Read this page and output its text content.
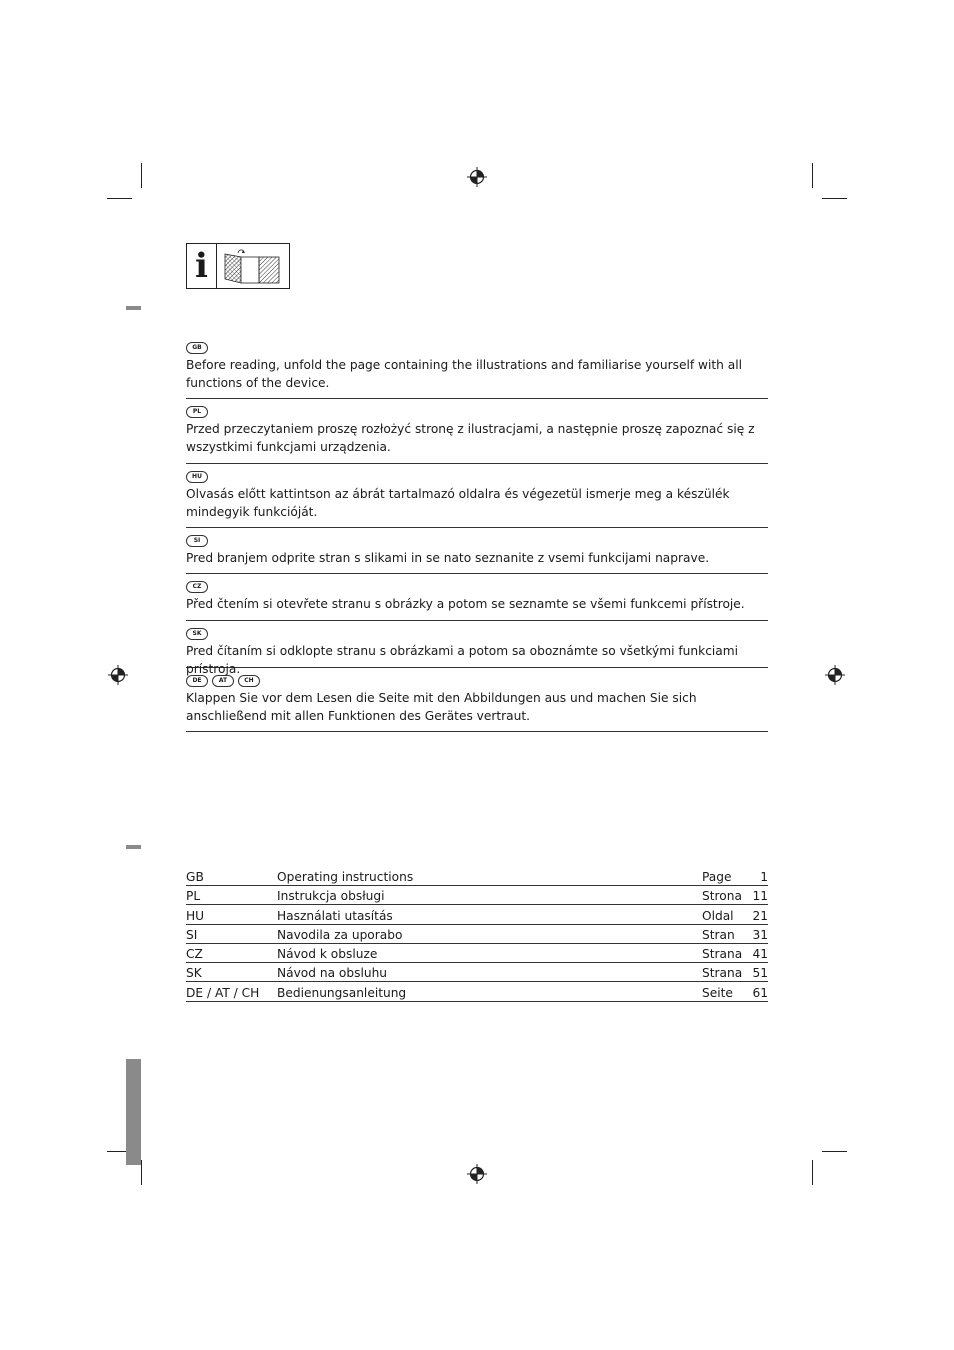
i
GB
Before reading, unfold the page containing the illustrations and familiarise yourself with all functions of the device.
PL
Przed przeczytaniem proszę rozłożyć stronę z ilustracjami, a następnie proszę zapoznać się z wszystkimi funkcjami urządzenia.
HU
Olvasás előtt kattintson az ábrát tartalmazó oldalra és végezetül ismerje meg a készülék mindegyik funkcióját.
SI
Pred branjem odprite stran s slikami in se nato seznanite z vsemi funkcijami naprave.
CZ
Před čtením si otevřete stranu s obrázky a potom se seznamte se všemi funkcemi přístroje.
SK
Pred čítaním si odklopte stranu s obrázkami a potom sa oboznámte so všetkými funkciami prístroja.
DE	AT	CH
Klappen Sie vor dem Lesen die Seite mit den Abbildungen aus und machen Sie sich anschließend mit allen Funktionen des Gerätes vertraut.
GB	Operating instructions	Page	1
PL	Instrukcja obsługi	Strona 11
HU	Használati utasítás	Oldal	21
SI	Navodila za uporabo	Stran	31
CZ	Návod k obsluze	Strana 41
SK	Návod na obsluhu	Strana 51
DE / AT / CH	Bedienungsanleitung	Seite	61
